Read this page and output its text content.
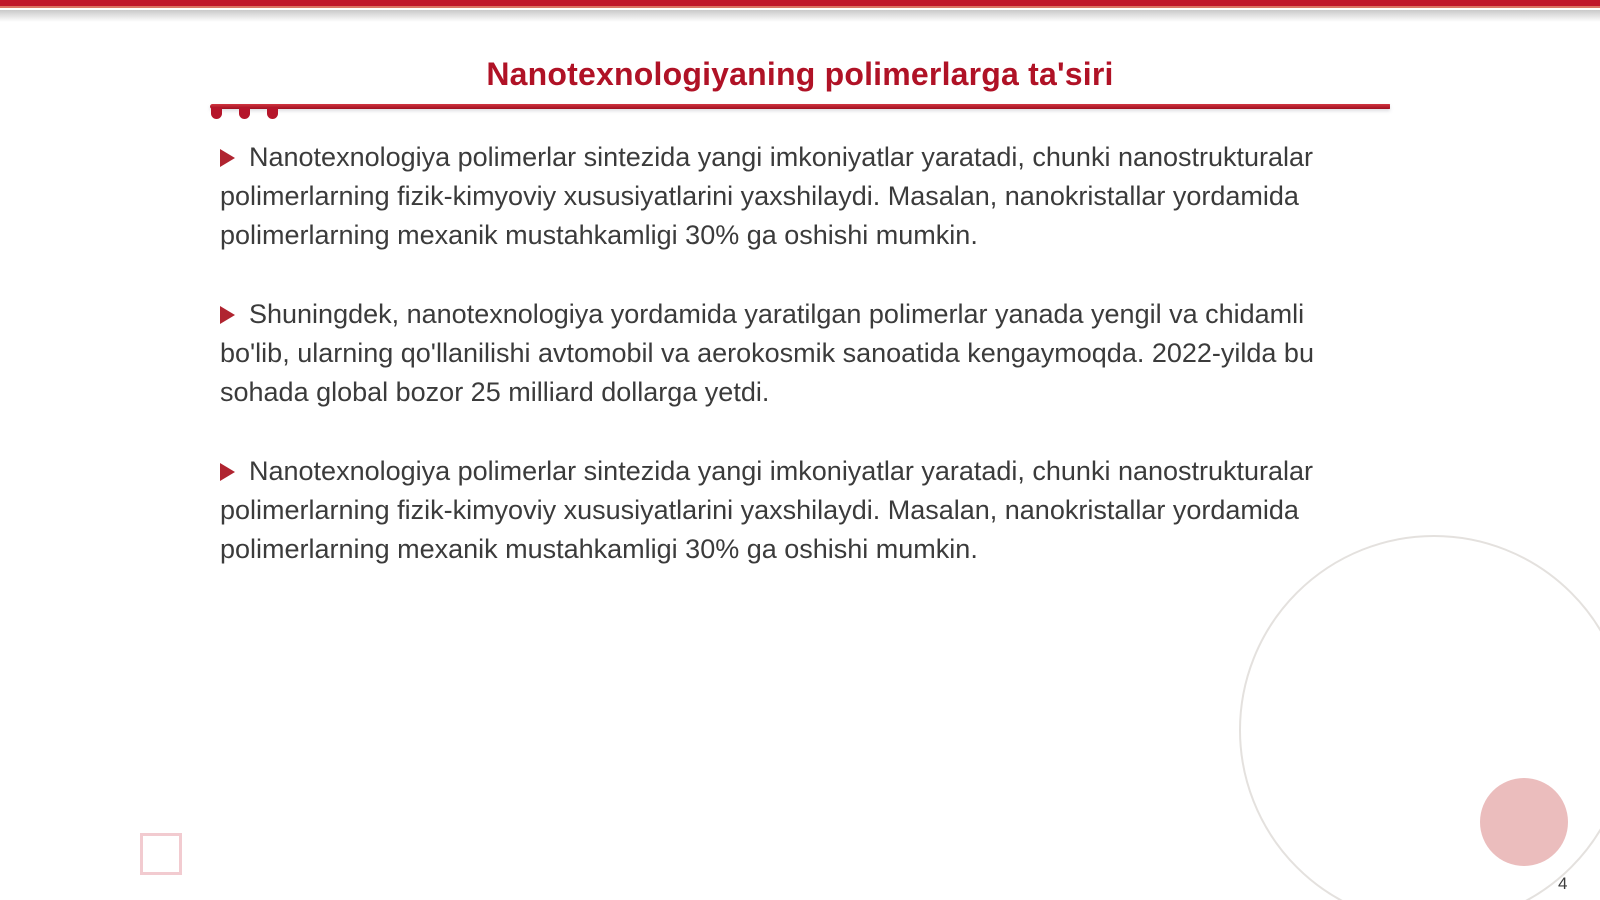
Nanotexnologiyaning polimerlarga ta'siri

Nanotexnologiya polimerlar sintezida yangi imkoniyatlar yaratadi, chunki nanostrukturalar polimerlarning fizik-kimyoviy xususiyatlarini yaxshilaydi. Masalan, nanokristallar yordamida polimerlarning mexanik mustahkamligi 30% ga oshishi mumkin.

Shuningdek, nanotexnologiya yordamida yaratilgan polimerlar yanada yengil va chidamli bo'lib, ularning qo'llanilishi avtomobil va aerokosmik sanoatida kengaymoqda. 2022-yilda bu sohada global bozor 25 milliard dollarga yetdi.

Nanotexnologiya polimerlar sintezida yangi imkoniyatlar yaratadi, chunki nanostrukturalar polimerlarning fizik-kimyoviy xususiyatlarini yaxshilaydi. Masalan, nanokristallar yordamida polimerlarning mexanik mustahkamligi 30% ga oshishi mumkin.

4
